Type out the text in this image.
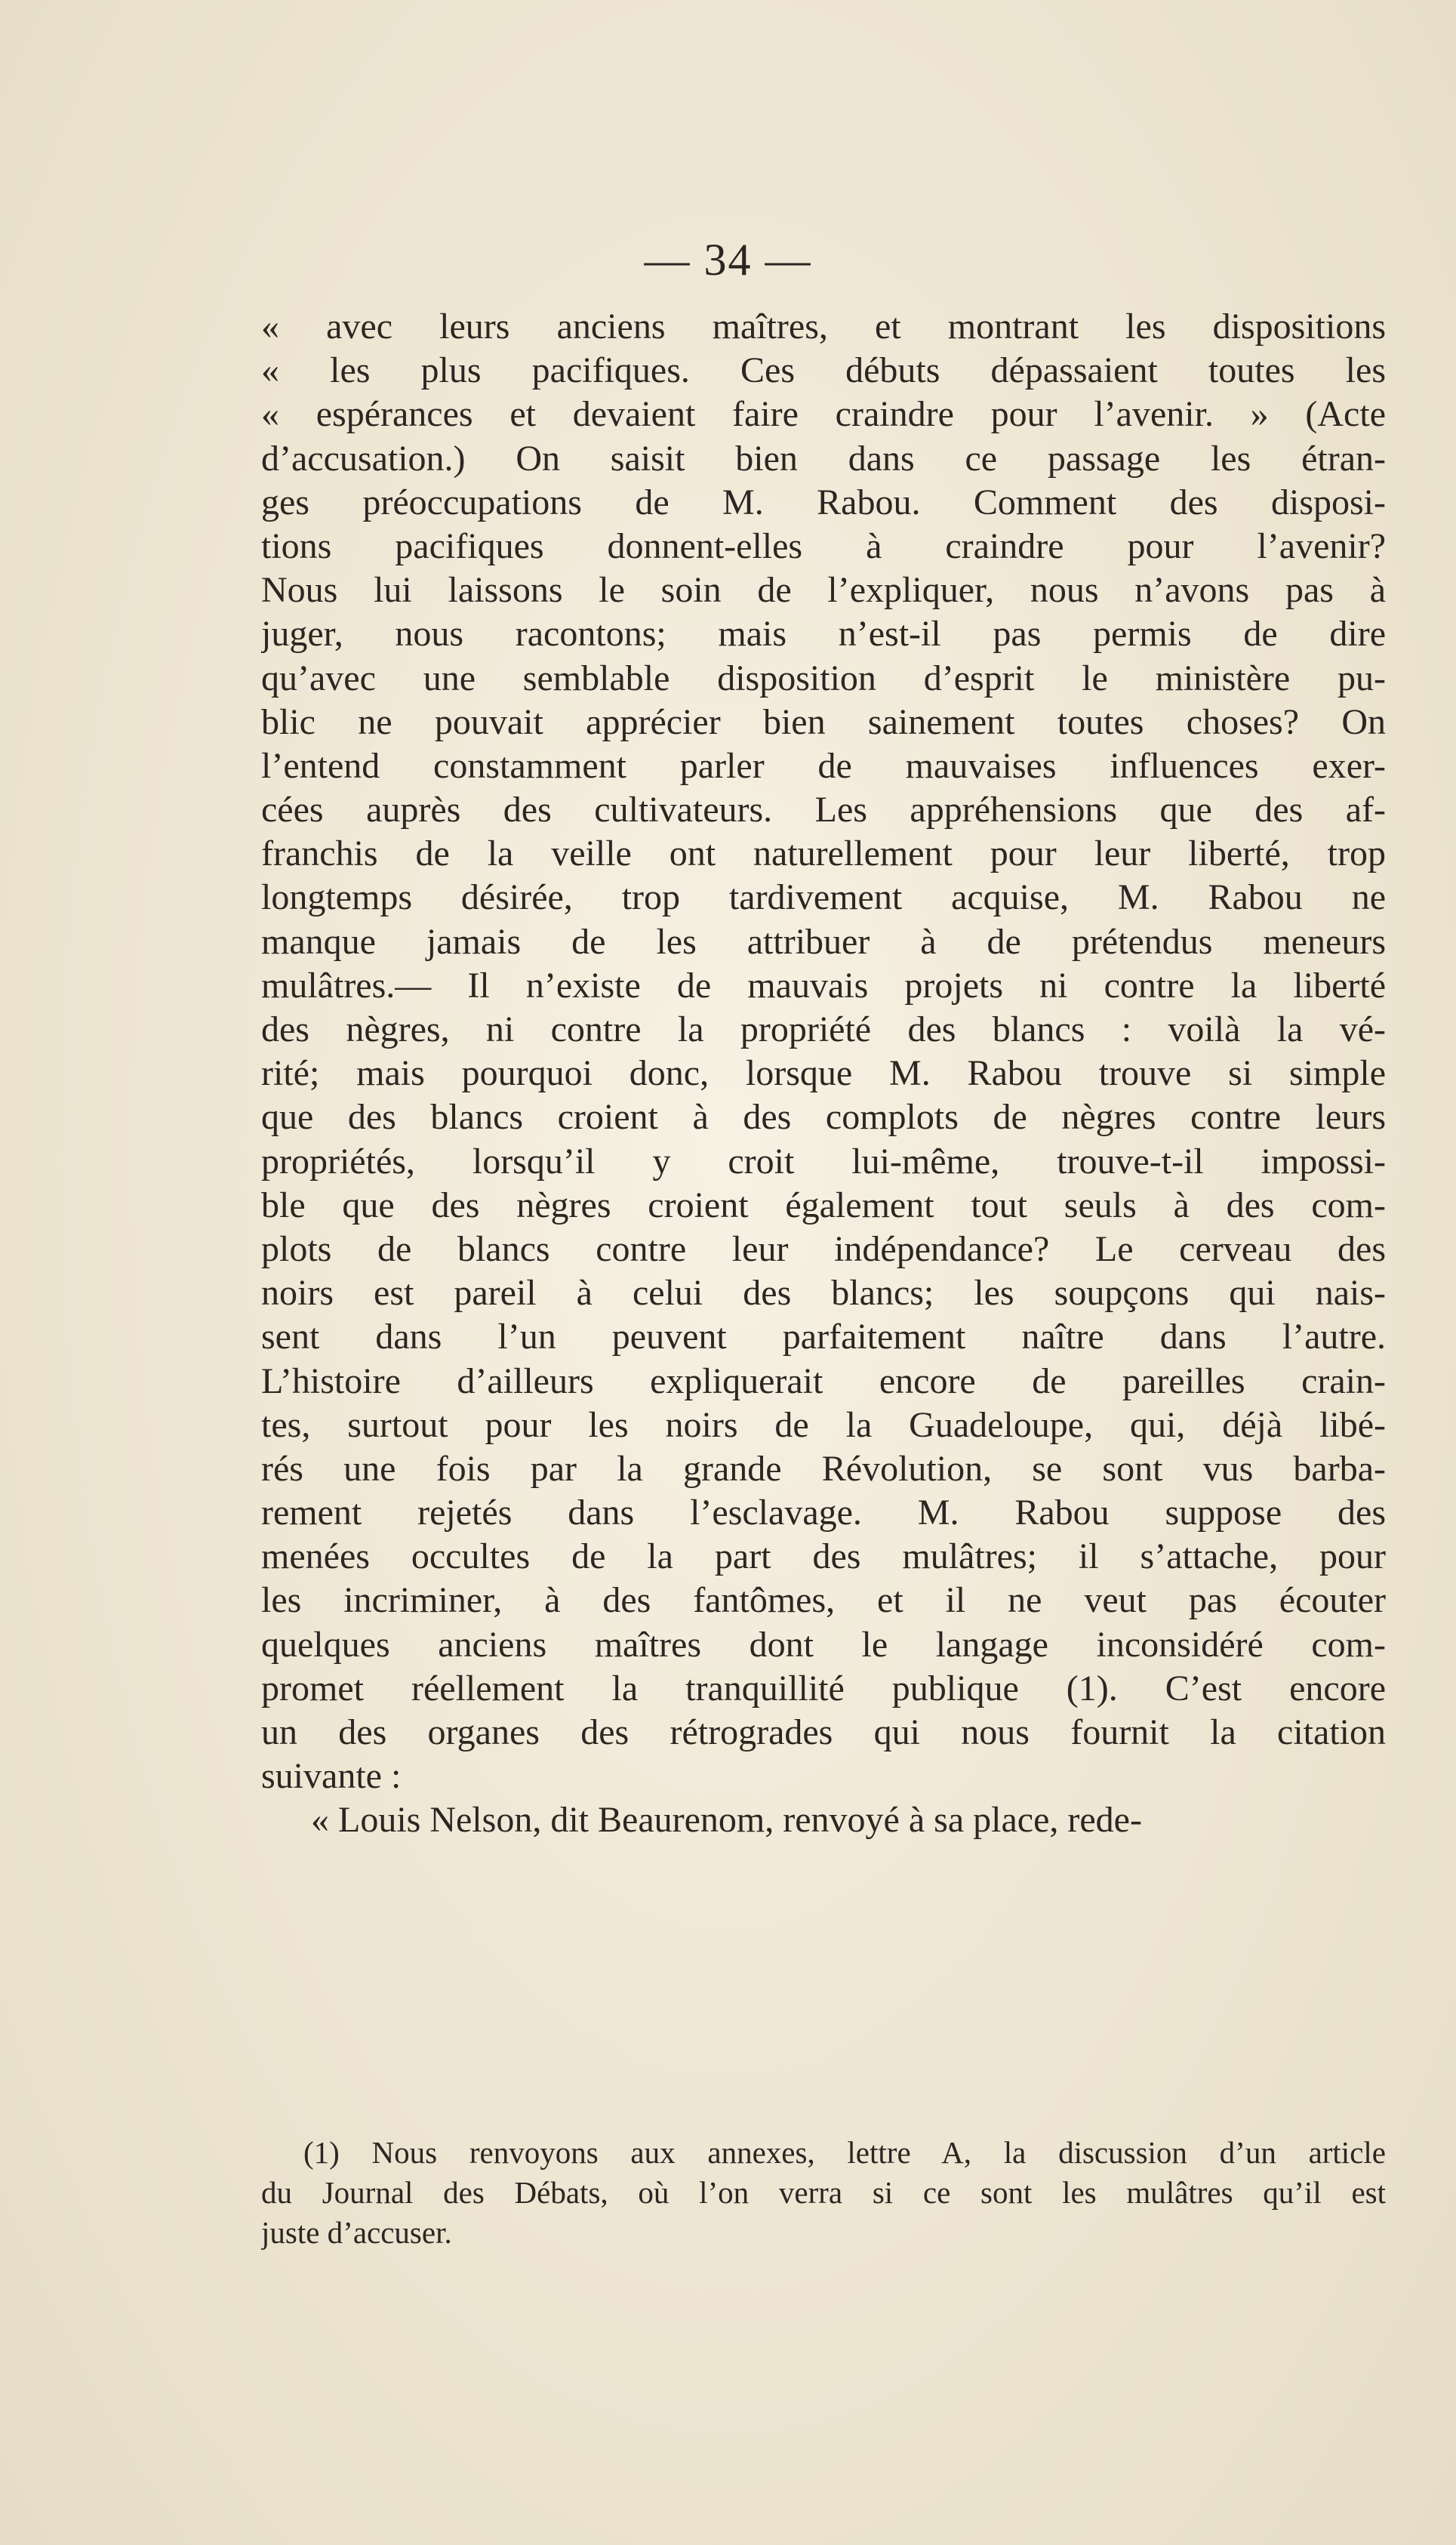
— 34 —
« avec leurs anciens maîtres, et montrant les dispositions
« les plus pacifiques. Ces débuts dépassaient toutes les
« espérances et devaient faire craindre pour l’avenir. » (Acte
d’accusation.) On saisit bien dans ce passage les étran-
ges préoccupations de M. Rabou. Comment des disposi-
tions pacifiques donnent-elles à craindre pour l’avenir?
Nous lui laissons le soin de l’expliquer, nous n’avons pas à
juger, nous racontons; mais n’est-il pas permis de dire
qu’avec une semblable disposition d’esprit le ministère pu-
blic ne pouvait apprécier bien sainement toutes choses? On
l’entend constamment parler de mauvaises influences exer-
cées auprès des cultivateurs. Les appréhensions que des af-
franchis de la veille ont naturellement pour leur liberté, trop
longtemps désirée, trop tardivement acquise, M. Rabou ne
manque jamais de les attribuer à de prétendus meneurs
mulâtres.— Il n’existe de mauvais projets ni contre la liberté
des nègres, ni contre la propriété des blancs : voilà la vé-
rité; mais pourquoi donc, lorsque M. Rabou trouve si simple
que des blancs croient à des complots de nègres contre leurs
propriétés, lorsqu’il y croit lui-même, trouve-t-il impossi-
ble que des nègres croient également tout seuls à des com-
plots de blancs contre leur indépendance? Le cerveau des
noirs est pareil à celui des blancs; les soupçons qui nais-
sent dans l’un peuvent parfaitement naître dans l’autre.
L’histoire d’ailleurs expliquerait encore de pareilles crain-
tes, surtout pour les noirs de la Guadeloupe, qui, déjà libé-
rés une fois par la grande Révolution, se sont vus barba-
rement rejetés dans l’esclavage. M. Rabou suppose des
menées occultes de la part des mulâtres; il s’attache, pour
les incriminer, à des fantômes, et il ne veut pas écouter
quelques anciens maîtres dont le langage inconsidéré com-
promet réellement la tranquillité publique (1). C’est encore
un des organes des rétrogrades qui nous fournit la citation
suivante :
« Louis Nelson, dit Beaurenom, renvoyé à sa place, rede-
(1) Nous renvoyons aux annexes, lettre A, la discussion d’un article
du Journal des Débats, où l’on verra si ce sont les mulâtres qu’il est
juste d’accuser.
